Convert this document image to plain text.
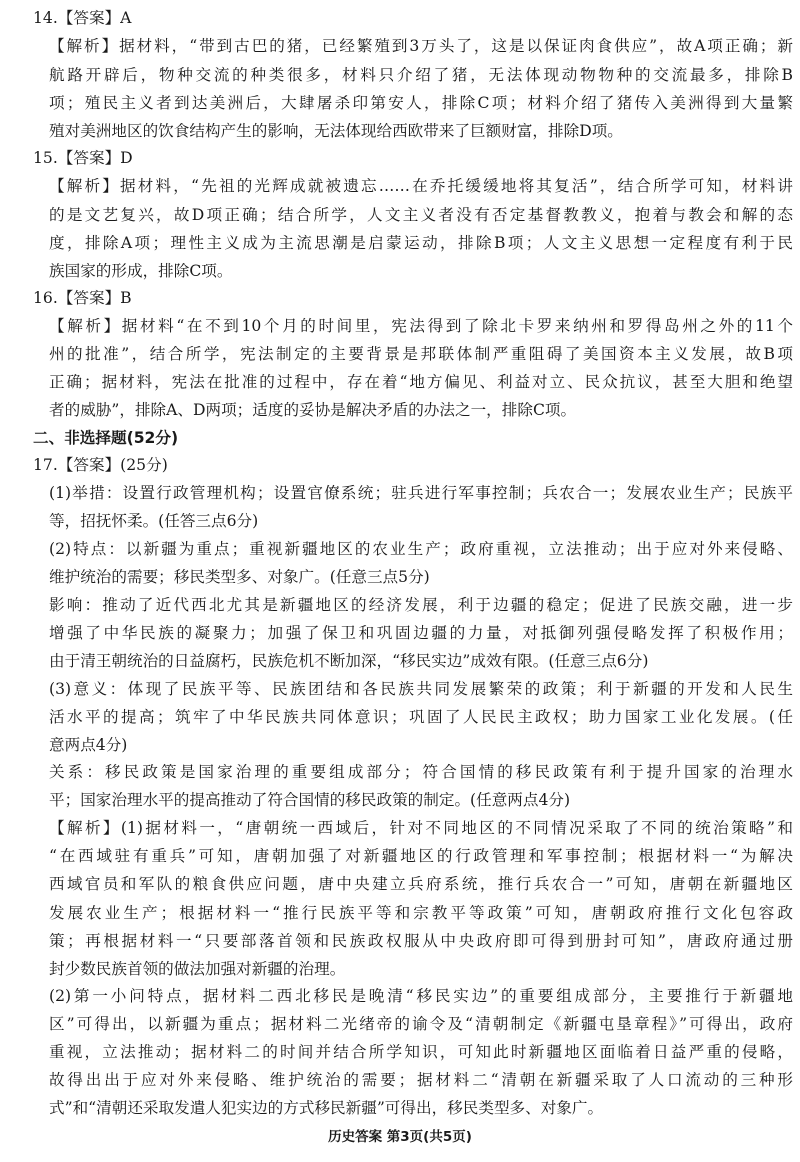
14.【答案】A
【解析】据材料，“带到古巴的猪，已经繁殖到3万头了，这是以保证肉食供应”，故A项正确；新
航路开辟后，物种交流的种类很多，材料只介绍了猪，无法体现动物物种的交流最多，排除B
项；殖民主义者到达美洲后，大肆屠杀印第安人，排除C项；材料介绍了猪传入美洲得到大量繁
殖对美洲地区的饮食结构产生的影响，无法体现给西欧带来了巨额财富，排除D项。
15.【答案】D
【解析】据材料，“先祖的光辉成就被遗忘……在乔托缓缓地将其复活”，结合所学可知，材料讲
的是文艺复兴，故D项正确；结合所学，人文主义者没有否定基督教教义，抱着与教会和解的态
度，排除A项；理性主义成为主流思潮是启蒙运动，排除B项；人文主义思想一定程度有利于民
族国家的形成，排除C项。
16.【答案】B
【解析】据材料“在不到10个月的时间里，宪法得到了除北卡罗来纳州和罗得岛州之外的11个
州的批准”，结合所学，宪法制定的主要背景是邦联体制严重阻碍了美国资本主义发展，故B项
正确；据材料，宪法在批准的过程中，存在着“地方偏见、利益对立、民众抗议，甚至大胆和绝望
者的威胁”，排除A、D两项；适度的妥协是解决矛盾的办法之一，排除C项。
二、非选择题(52分)
17.【答案】(25分)
(1)举措：设置行政管理机构；设置官僚系统；驻兵进行军事控制；兵农合一；发展农业生产；民族平
等，招抚怀柔。(任答三点6分)
(2)特点：以新疆为重点；重视新疆地区的农业生产；政府重视，立法推动；出于应对外来侵略、
维护统治的需要；移民类型多、对象广。(任意三点5分)
影响：推动了近代西北尤其是新疆地区的经济发展，利于边疆的稳定；促进了民族交融，进一步
增强了中华民族的凝聚力；加强了保卫和巩固边疆的力量，对抵御列强侵略发挥了积极作用；
由于清王朝统治的日益腐朽，民族危机不断加深，“移民实边”成效有限。(任意三点6分)
(3)意义：体现了民族平等、民族团结和各民族共同发展繁荣的政策；利于新疆的开发和人民生
活水平的提高；筑牢了中华民族共同体意识；巩固了人民民主政权；助力国家工业化发展。(任
意两点4分)
关系：移民政策是国家治理的重要组成部分；符合国情的移民政策有利于提升国家的治理水
平；国家治理水平的提高推动了符合国情的移民政策的制定。(任意两点4分)
【解析】(1)据材料一，“唐朝统一西域后，针对不同地区的不同情况采取了不同的统治策略”和
“在西域驻有重兵”可知，唐朝加强了对新疆地区的行政管理和军事控制；根据材料一“为解决
西域官员和军队的粮食供应问题，唐中央建立兵府系统，推行兵农合一”可知，唐朝在新疆地区
发展农业生产；根据材料一“推行民族平等和宗教平等政策”可知，唐朝政府推行文化包容政
策；再根据材料一“只要部落首领和民族政权服从中央政府即可得到册封可知”，唐政府通过册
封少数民族首领的做法加强对新疆的治理。
(2)第一小问特点，据材料二西北移民是晚清“移民实边”的重要组成部分，主要推行于新疆地
区”可得出，以新疆为重点；据材料二光绪帝的谕令及“清朝制定《新疆屯垦章程》”可得出，政府
重视，立法推动；据材料二的时间并结合所学知识，可知此时新疆地区面临着日益严重的侵略，
故得出出于应对外来侵略、维护统治的需要；据材料二“清朝在新疆采取了人口流动的三种形
式”和“清朝还采取发遣人犯实边的方式移民新疆”可得出，移民类型多、对象广。
历史答案 第3页(共5页)
